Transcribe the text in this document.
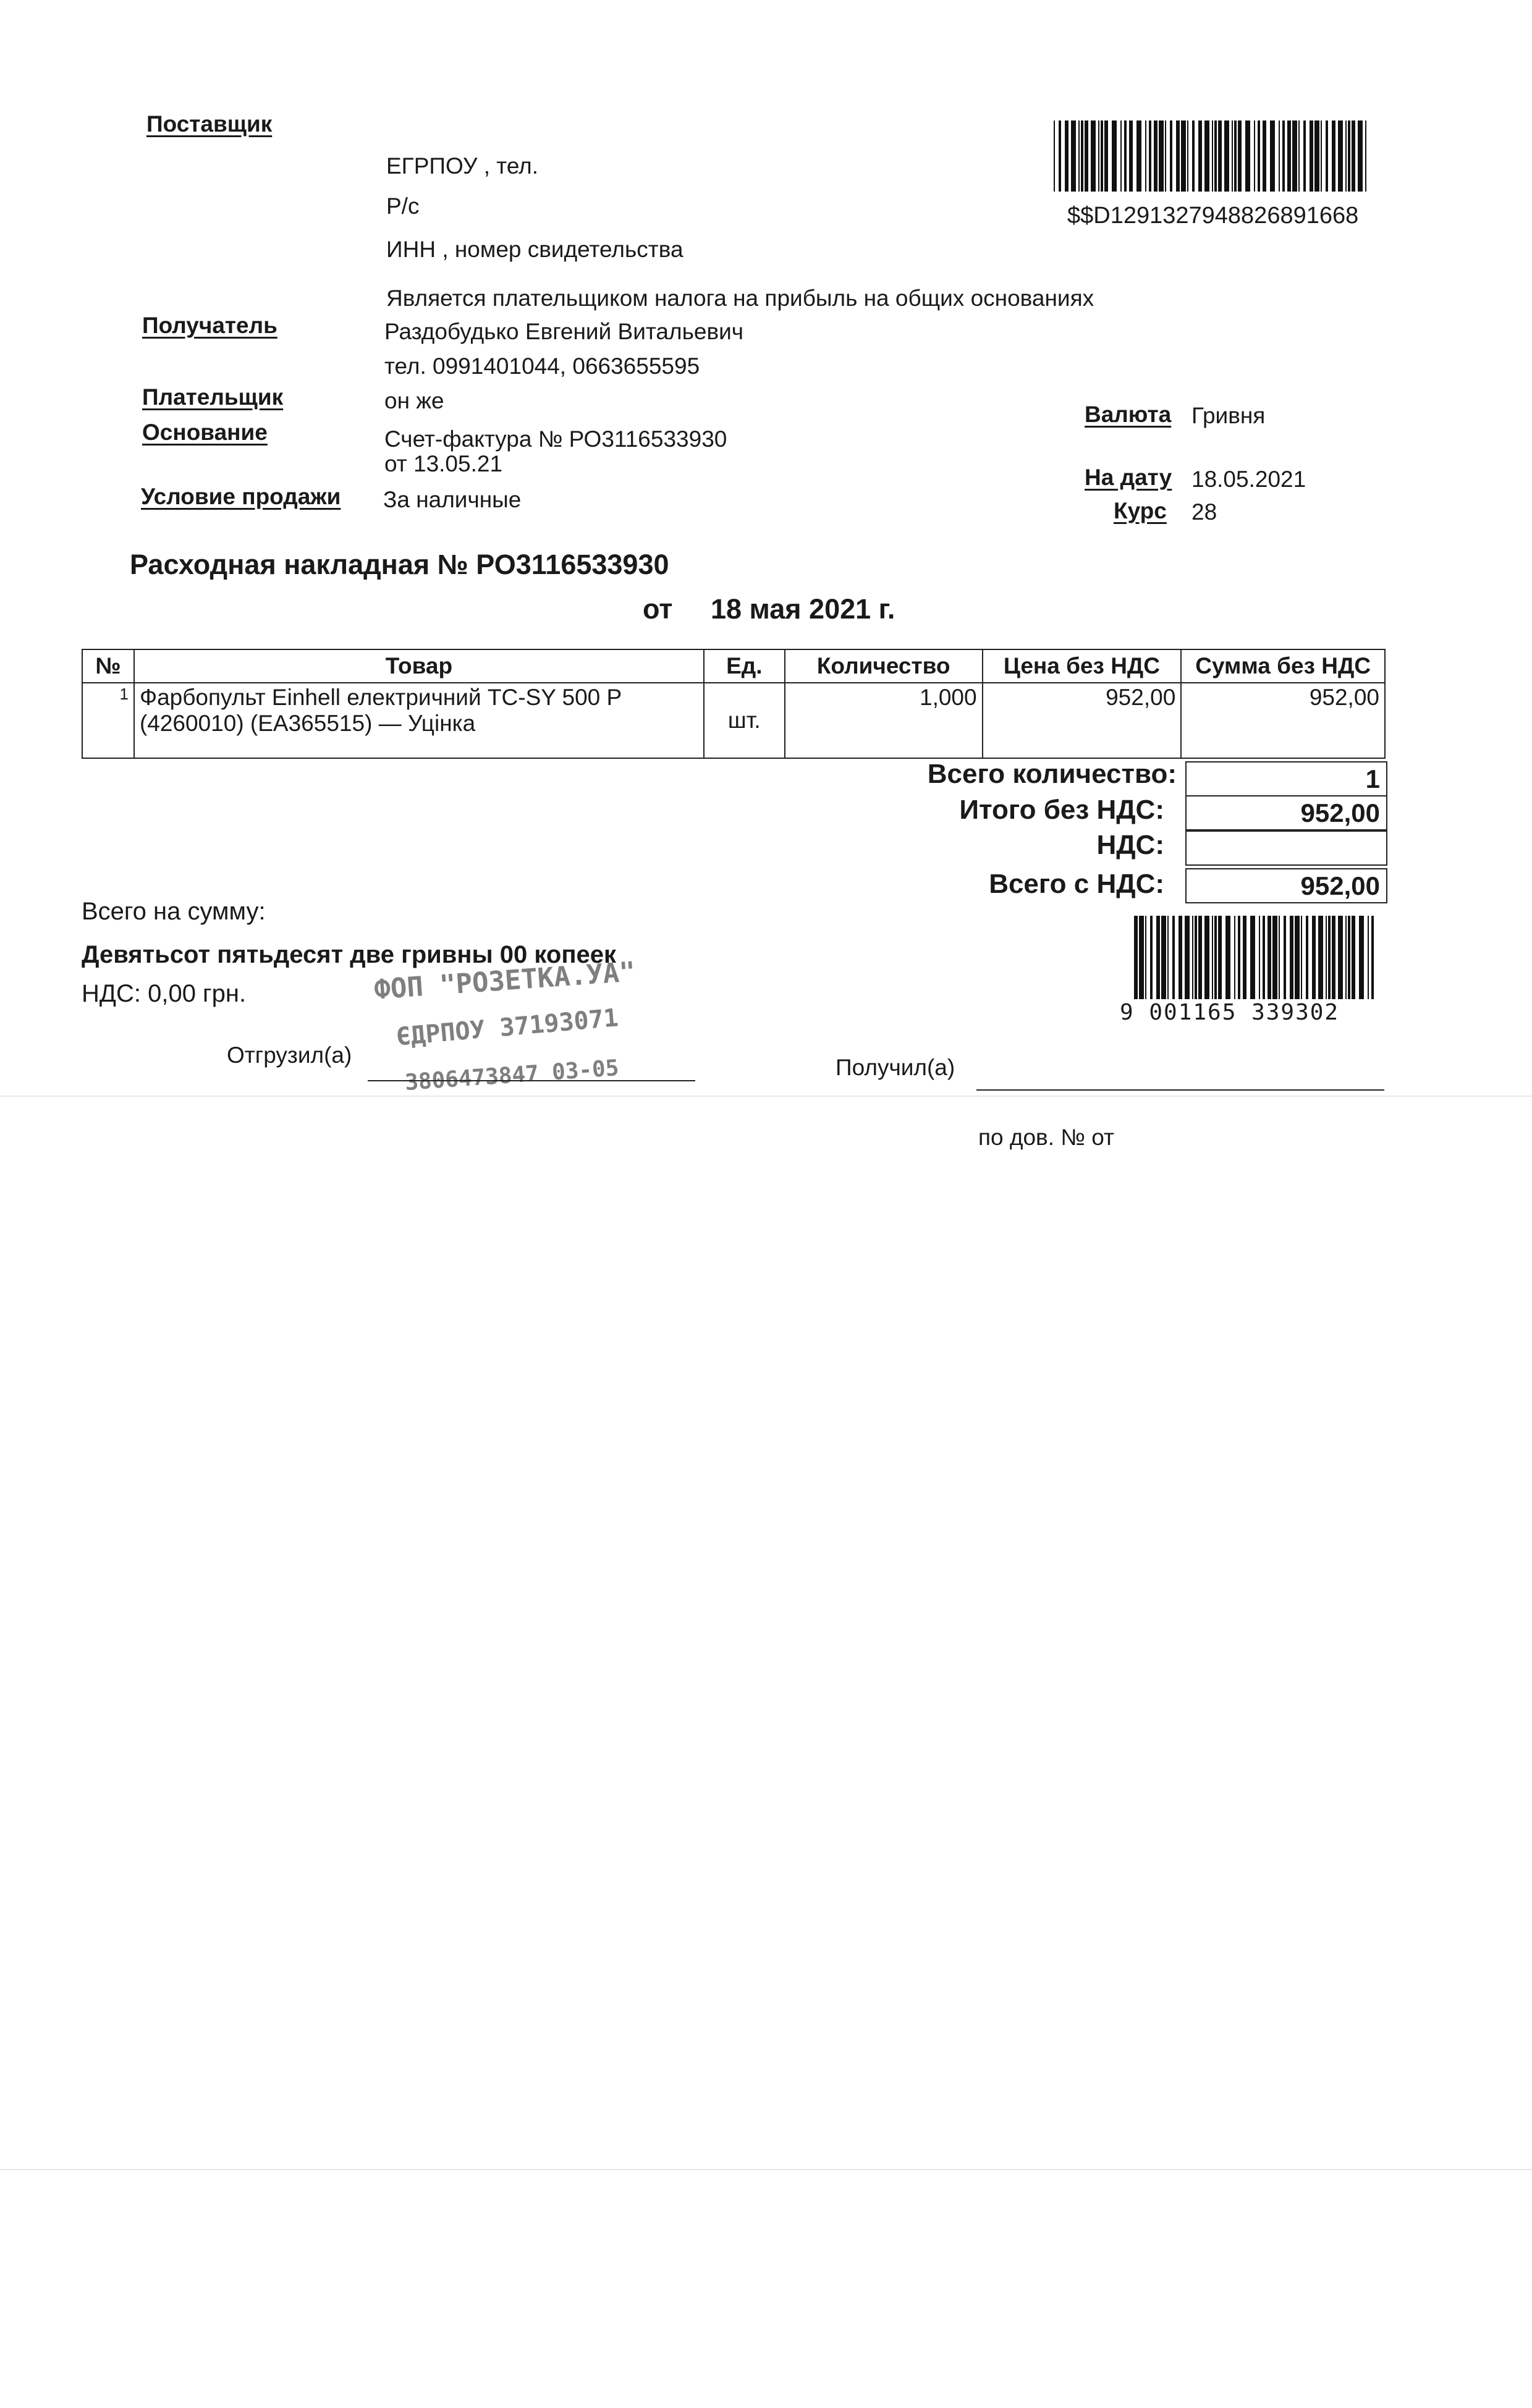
Поставщик
ЕГРПОУ , тел.
Р/с
ИНН , номер свидетельства
Является плательщиком налога на прибыль на общих основаниях
$$D1291327948826891668
Получатель	Раздобудько Евгений Витальевич
тел. 0991401044, 0663655595
Плательщик	он же
Основание	Счет-фактура № РО3116533930
от 13.05.21
Условие продажи За наличные
Валюта Гривня
На дату 18.05.2021
Курс 28
Расходная накладная № РО3116533930
от 18 мая 2021 г.
№	Товар	Ед.	Количество	Цена без НДС	Сумма без НДС
1	Фарбопульт Einhell електричний TC-SY 500 P
(4260010) (ЕА365515) — Уцінка	шт.	1,000	952,00	952,00
Всего количество:	1
Итого без НДС:	952,00
НДС:
Всего с НДС:	952,00
Всего на сумму:
Девятьсот пятьдесят две гривны 00 копеек
НДС: 0,00 грн.
9 001165 339302
ФОП "РОЗЕТКА.УА"
ЄДРПОУ 37193071
3806473847 03-05
Отгрузил(а)	Получил(а)
по дов. № от
